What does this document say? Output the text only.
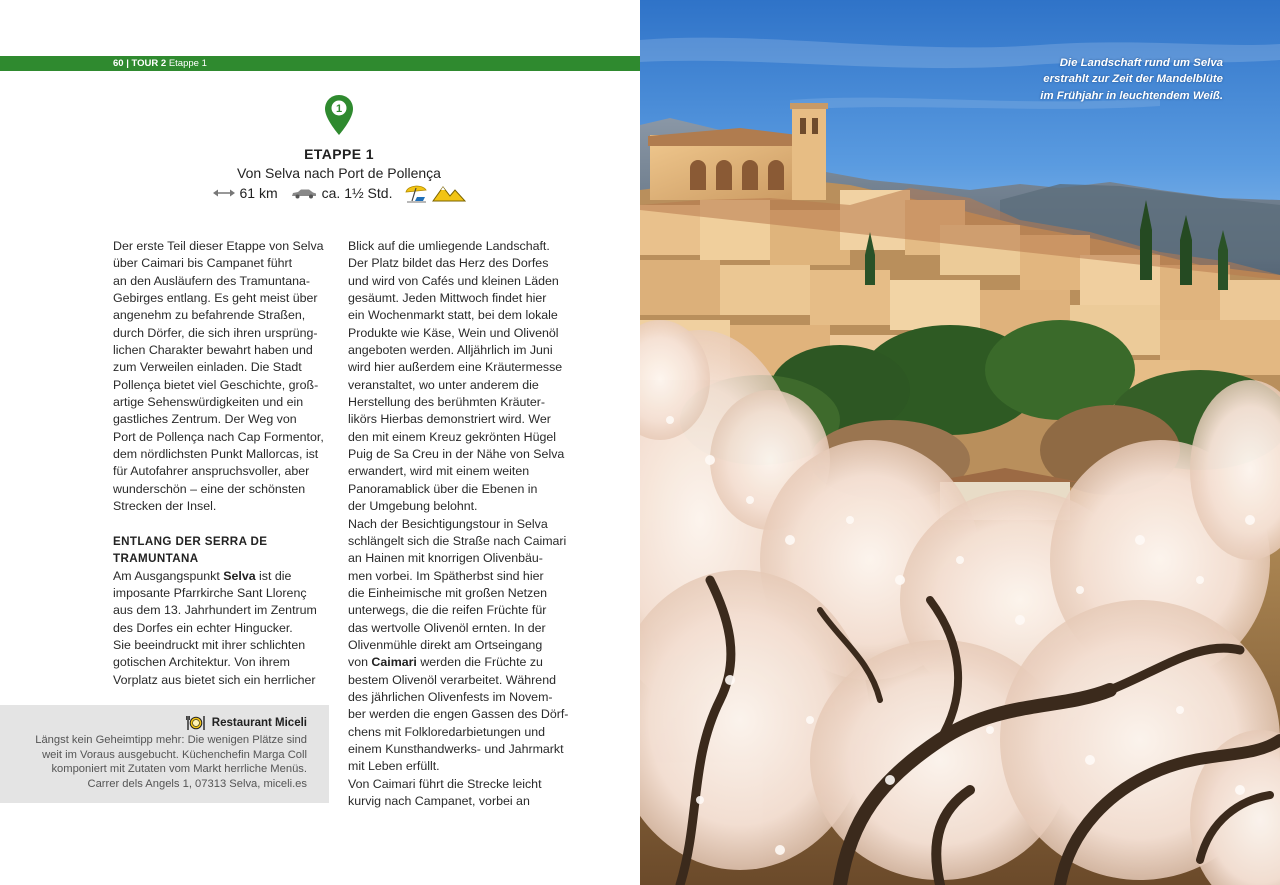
60 | TOUR 2 Etappe 1
1
ETAPPE 1
Von Selva nach Port de Pollença
61 km	ca. 1½ Std.

Der erste Teil dieser Etappe von Selva

über Caimari bis Campanet führt

an den Ausläufern des Tramuntana-

Gebirges entlang. Es geht meist über

angenehm zu befahrende Straßen,

durch Dörfer, die sich ihren ursprüng-

lichen Charakter bewahrt haben und

zum Verweilen einladen. Die Stadt

Pollença bietet viel Geschichte, groß-

artige Sehenswürdigkeiten und ein

gastliches Zentrum. Der Weg von

Port de Pollença nach Cap Formentor,

dem nördlichsten Punkt Mallorcas, ist

für Autofahrer anspruchsvoller, aber

wunderschön – eine der schönsten

Strecken der Insel.

ENTLANG DER SERRA DE

TRAMUNTANA

Am Ausgangspunkt Selva ist die

imposante Pfarrkirche Sant Llorenç

aus dem 13. Jahrhundert im Zentrum

des Dorfes ein echter Hingucker.

Sie beeindruckt mit ihrer schlichten

gotischen Architektur. Von ihrem

Vorplatz aus bietet sich ein herrlicher

Blick auf die umliegende Landschaft.

Der Platz bildet das Herz des Dorfes

und wird von Cafés und kleinen Läden

gesäumt. Jeden Mittwoch findet hier

ein Wochenmarkt statt, bei dem lokale

Produkte wie Käse, Wein und Olivenöl

angeboten werden. Alljährlich im Juni

wird hier außerdem eine Kräutermesse

veranstaltet, wo unter anderem die

Herstellung des berühmten Kräuter-

likörs Hierbas demonstriert wird. Wer

den mit einem Kreuz gekrönten Hügel

Puig de Sa Creu in der Nähe von Selva

erwandert, wird mit einem weiten

Panoramablick über die Ebenen in

der Umgebung belohnt.

Nach der Besichtigungstour in Selva

schlängelt sich die Straße nach Caimari

an Hainen mit knorrigen Olivenbäu-

men vorbei. Im Spätherbst sind hier

die Einheimische mit großen Netzen

unterwegs, die die reifen Früchte für

das wertvolle Olivenöl ernten. In der

Olivenmühle direkt am Ortseingang

von Caimari werden die Früchte zu

bestem Olivenöl verarbeitet. Während

des jährlichen Olivenfests im Novem-

ber werden die engen Gassen des Dörf-

chens mit Folkloredarbietungen und

einem Kunsthandwerks- und Jahrmarkt

mit Leben erfüllt.

Von Caimari führt die Strecke leicht

kurvig nach Campanet, vorbei an

Restaurant Miceli
Längst kein Geheimtipp mehr: Die wenigen Plätze sind
weit im Voraus ausgebucht. Küchenchefin Marga Coll
komponiert mit Zutaten vom Markt herrliche Menüs.
Carrer dels Angels 1, 07313 Selva, miceli.es
Die Landschaft rund um Selva
erstrahlt zur Zeit der Mandelblüte
im Frühjahr in leuchtendem Weiß.
